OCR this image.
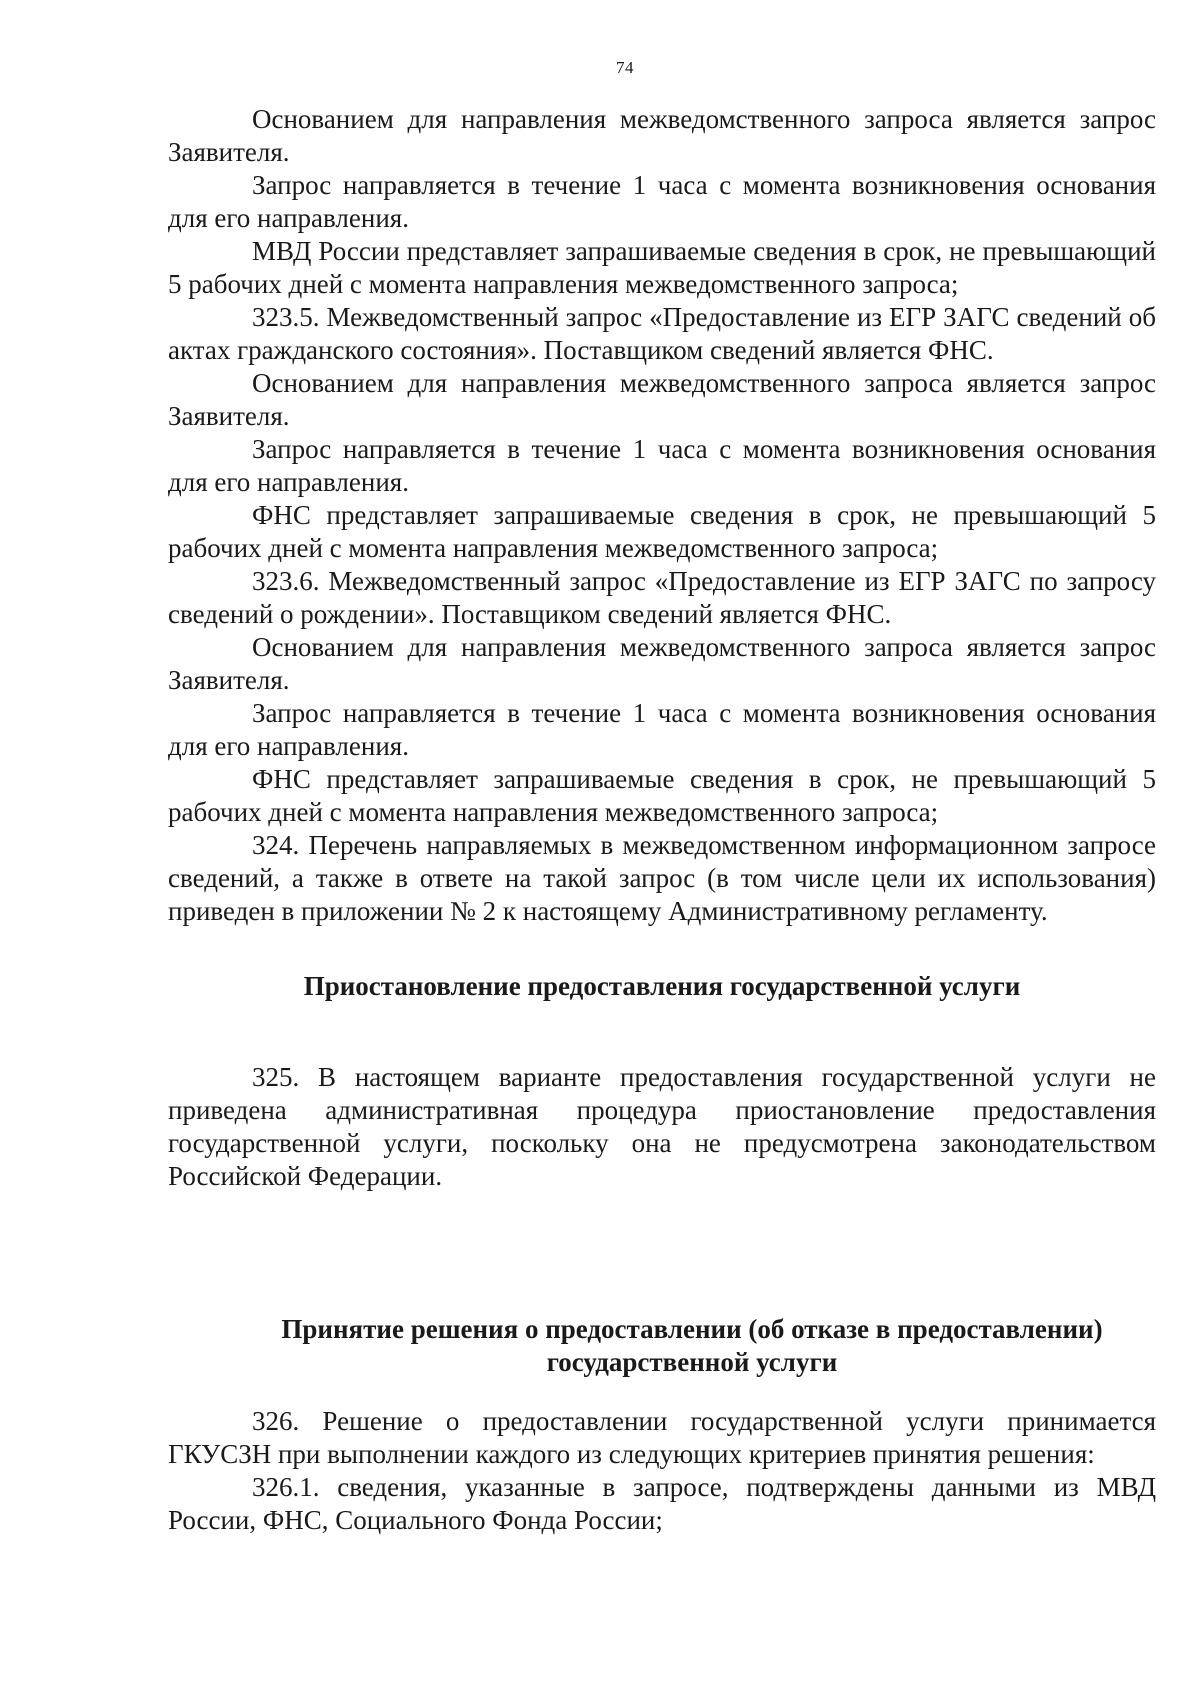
74

Основанием для направления межведомственного запроса является запрос Заявителя.

Запрос направляется в течение 1 часа с момента возникновения основания для его направления.

МВД России представляет запрашиваемые сведения в срок, не превышающий 5 рабочих дней с момента направления межведомственного запроса;

323.5. Межведомственный запрос «Предоставление из ЕГР ЗАГС сведений об актах гражданского состояния». Поставщиком сведений является ФНС.

Основанием для направления межведомственного запроса является запрос Заявителя.

Запрос направляется в течение 1 часа с момента возникновения основания для его направления.

ФНС представляет запрашиваемые сведения в срок, не превышающий 5 рабочих дней с момента направления межведомственного запроса;

323.6. Межведомственный запрос «Предоставление из ЕГР ЗАГС по запросу сведений о рождении». Поставщиком сведений является ФНС.

Основанием для направления межведомственного запроса является запрос Заявителя.

Запрос направляется в течение 1 часа с момента возникновения основания для его направления.

ФНС представляет запрашиваемые сведения в срок, не превышающий 5 рабочих дней с момента направления межведомственного запроса;

324. Перечень направляемых в межведомственном информационном запросе сведений, а также в ответе на такой запрос (в том числе цели их использования) приведен в приложении № 2 к настоящему Административному регламенту.

Приостановление предоставления государственной услуги

325. В настоящем варианте предоставления государственной услуги не приведена административная процедура приостановление предоставления государственной услуги, поскольку она не предусмотрена законодательством Российской Федерации.

Принятие решения о предоставлении (об отказе в предоставлении)
государственной услуги

326. Решение о предоставлении государственной услуги принимается ГКУСЗН при выполнении каждого из следующих критериев принятия решения:

326.1. сведения, указанные в запросе, подтверждены данными из МВД России, ФНС, Социального Фонда России;
